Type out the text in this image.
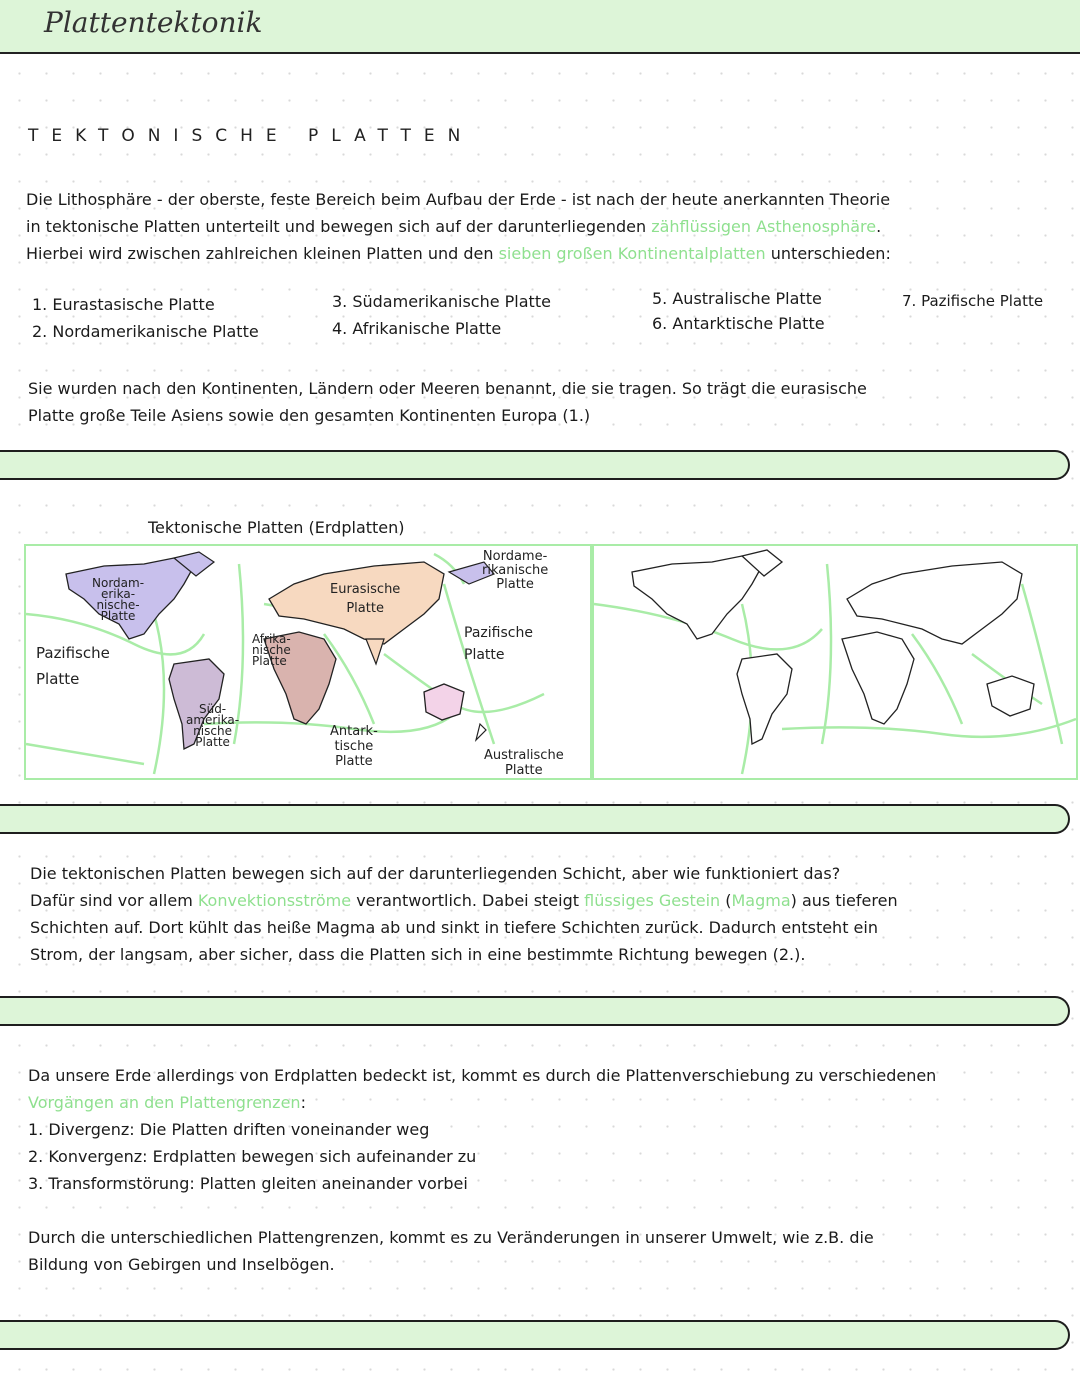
Plattentektonik
TEKTONISCHE PLATTEN
Die Lithosphäre - der oberste, feste Bereich beim Aufbau der Erde - ist nach der heute anerkannten Theorie
in tektonische Platten unterteilt und bewegen sich auf der darunterliegenden zähflüssigen Asthenosphäre.
Hierbei wird zwischen zahlreichen kleinen Platten und den sieben großen Kontinentalplatten unterschieden:
1. Eurastasische Platte
2. Nordamerikanische Platte
3. Südamerikanische Platte
4. Afrikanische Platte
5. Australische Platte
6. Antarktische Platte
7. Pazifische Platte
Sie wurden nach den Kontinenten, Ländern oder Meeren benannt, die sie tragen. So trägt die eurasische
Platte große Teile Asiens sowie den gesamten Kontinenten Europa (1.)
Tektonische Platten (Erdplatten)
Nordam-
erika-
nische-
Platte
Eurasische
Platte
Nordame-
rikanische
Platte
Pazifische
Platte
Afrika-
nische
Platte
Pazifische
Platte
Süd-
amerika-
nische
Platte
Antark-
tische
Platte	Australische
Platte
Die tektonischen Platten bewegen sich auf der darunterliegenden Schicht, aber wie funktioniert das?
Dafür sind vor allem Konvektionsströme verantwortlich. Dabei steigt flüssiges Gestein (Magma) aus tieferen
Schichten auf. Dort kühlt das heiße Magma ab und sinkt in tiefere Schichten zurück. Dadurch entsteht ein
Strom, der langsam, aber sicher, dass die Platten sich in eine bestimmte Richtung bewegen (2.).
Da unsere Erde allerdings von Erdplatten bedeckt ist, kommt es durch die Plattenverschiebung zu verschiedenen
Vorgängen an den Plattengrenzen:
1. Divergenz: Die Platten driften voneinander weg
2. Konvergenz: Erdplatten bewegen sich aufeinander zu
3. Transformstörung: Platten gleiten aneinander vorbei
Durch die unterschiedlichen Plattengrenzen, kommt es zu Veränderungen in unserer Umwelt, wie z.B. die
Bildung von Gebirgen und Inselbögen.
